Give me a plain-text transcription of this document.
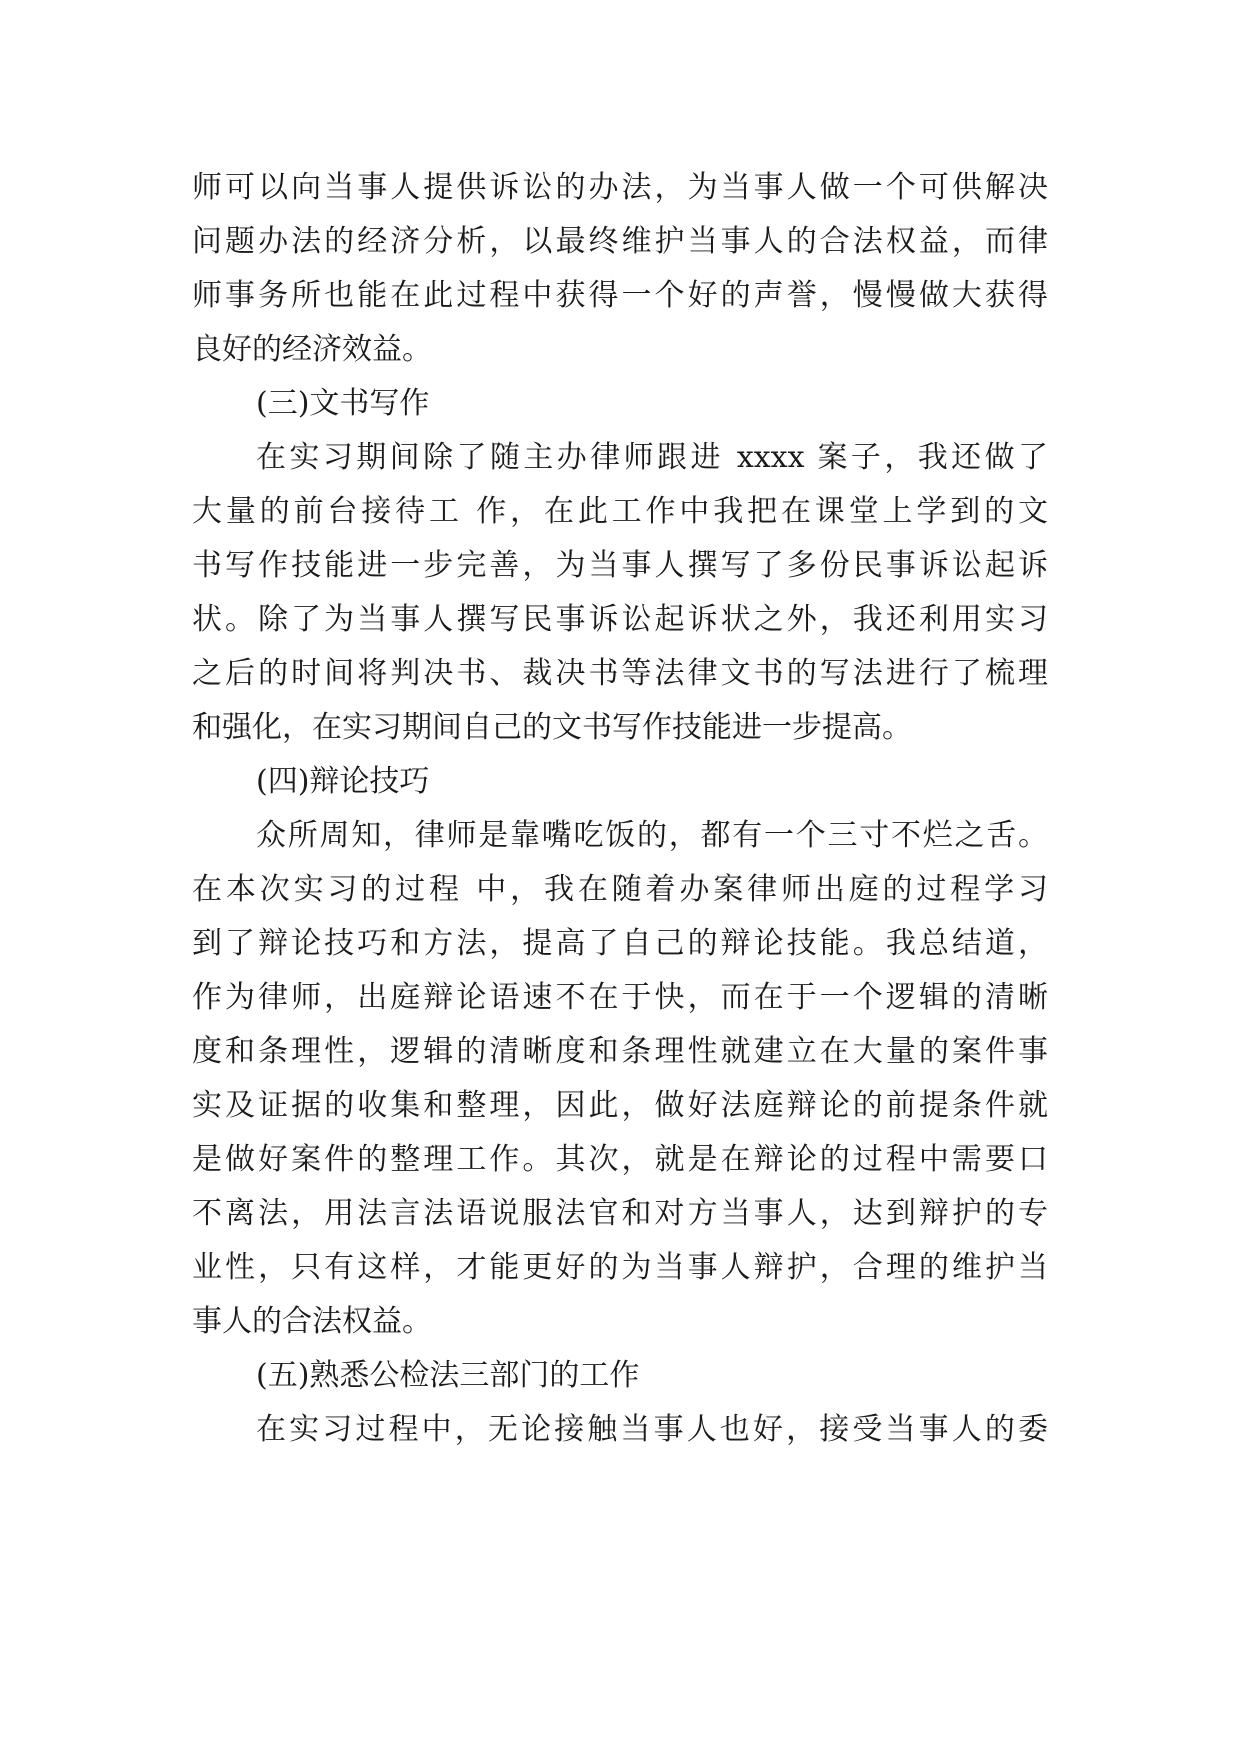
师可以向当事人提供诉讼的办法，为当事人做一个可供解决
问题办法的经济分析，以最终维护当事人的合法权益，而律
师事务所也能在此过程中获得一个好的声誉，慢慢做大获得
良好的经济效益。
(三)文书写作
在实习期间除了随主办律师跟进 xxxx 案子，我还做了
大量的前台接待工 作，在此工作中我把在课堂上学到的文
书写作技能进一步完善，为当事人撰写了多份民事诉讼起诉
状。除了为当事人撰写民事诉讼起诉状之外，我还利用实习
之后的时间将判决书、裁决书等法律文书的写法进行了梳理
和强化，在实习期间自己的文书写作技能进一步提高。
(四)辩论技巧
众所周知，律师是靠嘴吃饭的，都有一个三寸不烂之舌。
在本次实习的过程 中，我在随着办案律师出庭的过程学习
到了辩论技巧和方法，提高了自己的辩论技能。我总结道，
作为律师，出庭辩论语速不在于快，而在于一个逻辑的清晰
度和条理性，逻辑的清晰度和条理性就建立在大量的案件事
实及证据的收集和整理，因此，做好法庭辩论的前提条件就
是做好案件的整理工作。其次，就是在辩论的过程中需要口
不离法，用法言法语说服法官和对方当事人，达到辩护的专
业性，只有这样，才能更好的为当事人辩护，合理的维护当
事人的合法权益。
(五)熟悉公检法三部门的工作
在实习过程中，无论接触当事人也好，接受当事人的委
